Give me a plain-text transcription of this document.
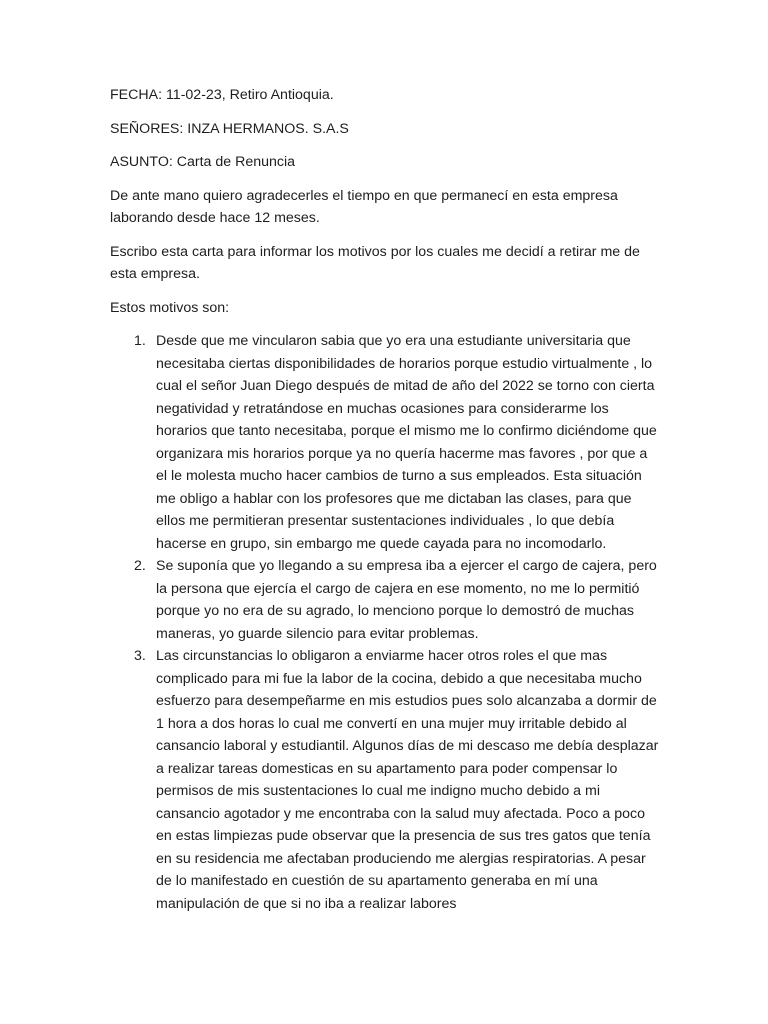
FECHA: 11-02-23, Retiro Antioquia.

SEÑORES: INZA HERMANOS. S.A.S

ASUNTO: Carta de Renuncia

De ante mano quiero agradecerles el tiempo en que permanecí en esta empresa laborando desde hace 12 meses.

Escribo esta carta para informar los motivos por los cuales me decidí a retirar me de esta empresa.

Estos motivos son:

1. Desde que me vincularon sabia que yo era una estudiante universitaria que necesitaba ciertas disponibilidades de horarios porque estudio virtualmente , lo cual el señor Juan Diego después de mitad de año del 2022 se torno con cierta negatividad y retratándose en muchas ocasiones para considerarme los horarios que tanto necesitaba, porque el mismo me lo confirmo diciéndome que organizara mis horarios porque ya no quería hacerme mas favores , por que a el le molesta mucho hacer cambios de turno a sus empleados. Esta situación me obligo a hablar con los profesores que me dictaban las clases, para que ellos me permitieran presentar sustentaciones individuales , lo que debía hacerse en grupo, sin embargo me quede cayada para no incomodarlo.
2. Se suponía que yo llegando a su empresa iba a ejercer el cargo de cajera, pero la persona que ejercía el cargo de cajera en ese momento, no me lo permitió porque yo no era de su agrado, lo menciono porque lo demostró de muchas maneras, yo guarde silencio para evitar problemas.
3. Las circunstancias lo obligaron a enviarme hacer otros roles el que mas complicado para mi fue la labor de la cocina, debido a que necesitaba mucho esfuerzo para desempeñarme en mis estudios pues solo alcanzaba a dormir de 1 hora a dos horas lo cual me convertí en una mujer muy irritable debido al cansancio laboral y estudiantil. Algunos días de mi descaso me debía desplazar a realizar tareas domesticas en su apartamento para poder compensar lo permisos de mis sustentaciones lo cual me indigno mucho debido a mi cansancio agotador y me encontraba con la salud muy afectada. Poco a poco en estas limpiezas pude observar que la presencia de sus tres gatos que tenía en su residencia me afectaban produciendo me alergias respiratorias. A pesar de lo manifestado en cuestión de su apartamento generaba en mí una manipulación de que si no iba a realizar labores
